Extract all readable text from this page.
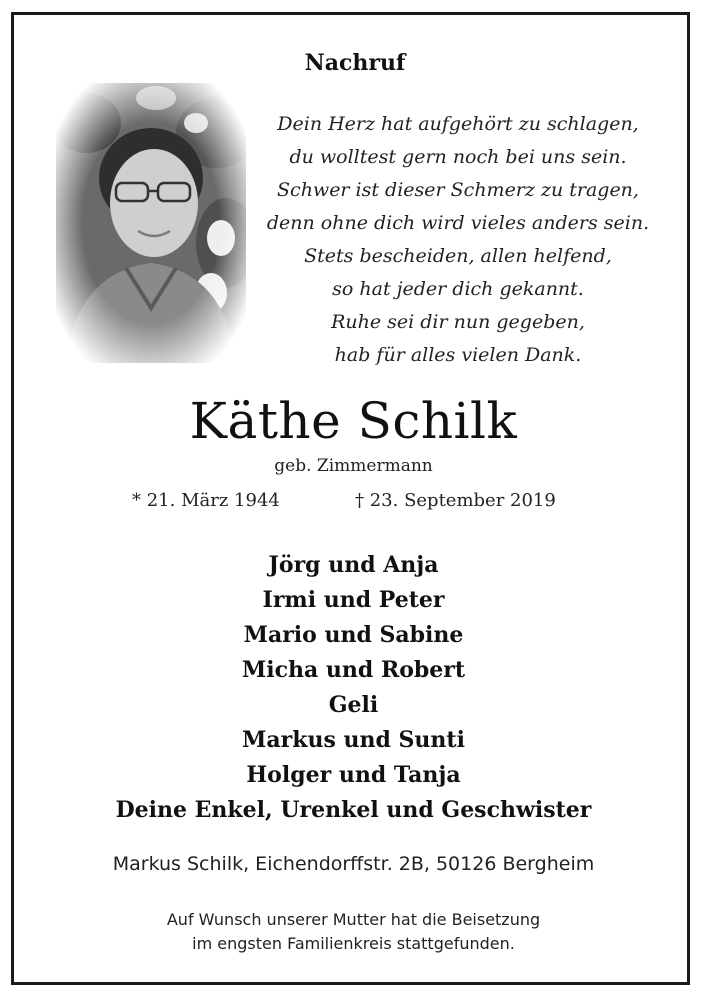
Nachruf
Dein Herz hat aufgehört zu schlagen,
du wolltest gern noch bei uns sein.
Schwer ist dieser Schmerz zu tragen,
denn ohne dich wird vieles anders sein.
Stets bescheiden, allen helfend,
so hat jeder dich gekannt.
Ruhe sei dir nun gegeben,
hab für alles vielen Dank.
Käthe Schilk
geb. Zimmermann
* 21. März 1944	† 23. September 2019
Jörg und Anja
Irmi und Peter
Mario und Sabine
Micha und Robert
Geli
Markus und Sunti
Holger und Tanja
Deine Enkel, Urenkel und Geschwister
Markus Schilk, Eichendorffstr. 2B, 50126 Bergheim
Auf Wunsch unserer Mutter hat die Beisetzung
im engsten Familienkreis stattgefunden.
